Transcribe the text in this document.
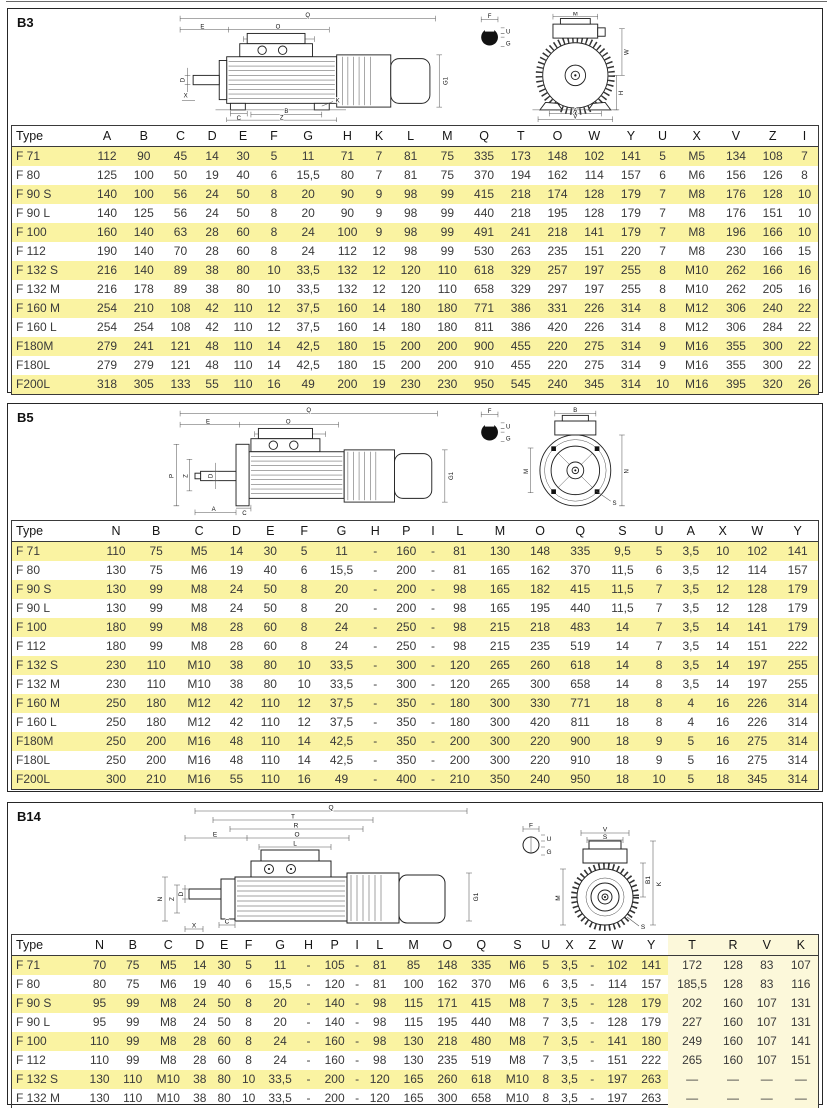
B3	Q
E	O
D	G1
X
C
B
Z
K
F
U
G
M
W
H
A
V
Type	A	B	C	D	E	F	G	H	K	L	M	Q	T	O	W	Y	U	X	V	Z	I
F 71	112	90	45	14	30	5	11	71	7	81	75	335	173	148	102	141	5	M5	134	108	7
F 80	125	100	50	19	40	6	15,5	80	7	81	75	370	194	162	114	157	6	M6	156	126	8
F 90 S	140	100	56	24	50	8	20	90	9	98	99	415	218	174	128	179	7	M8	176	128	10
F 90 L	140	125	56	24	50	8	20	90	9	98	99	440	218	195	128	179	7	M8	176	151	10
F 100	160	140	63	28	60	8	24	100	9	98	99	491	241	218	141	179	7	M8	196	166	10
F 112	190	140	70	28	60	8	24	112	12	98	99	530	263	235	151	220	7	M8	230	166	15
F 132 S	216	140	89	38	80	10	33,5	132	12	120	110	618	329	257	197	255	8	M10	262	166	16
F 132 M	216	178	89	38	80	10	33,5	132	12	120	110	658	329	297	197	255	8	M10	262	205	16
F 160 M	254	210	108	42	110	12	37,5	160	14	180	180	771	386	331	226	314	8	M12	306	240	22
F 160 L	254	254	108	42	110	12	37,5	160	14	180	180	811	386	420	226	314	8	M12	306	284	22
F180M	279	241	121	48	110	14	42,5	180	15	200	200	900	455	220	275	314	9	M16	355	300	22
F180L	279	279	121	48	110	14	42,5	180	15	200	200	910	455	220	275	314	9	M16	355	300	22
F200L	318	305	133	55	110	16	49	200	19	230	230	950	545	240	345	314	10	M16	395	320	26
B5	Q
E	O
P Z	D
A
C
G1
F
U
G
B
N
M
S
Type	N	B	C	D	E	F	G	H	P	I	L	M	O	Q	S	U	A	X	W	Y
F 71	110	75	M5	14	30	5	11	-	160	-	81	130	148	335	9,5	5	3,5	10	102	141
F 80	130	75	M6	19	40	6	15,5	-	200	-	81	165	162	370	11,5	6	3,5	12	114	157
F 90 S	130	99	M8	24	50	8	20	-	200	-	98	165	182	415	11,5	7	3,5	12	128	179
F 90 L	130	99	M8	24	50	8	20	-	200	-	98	165	195	440	11,5	7	3,5	12	128	179
F 100	180	99	M8	28	60	8	24	-	250	-	98	215	218	483	14	7	3,5	14	141	179
F 112	180	99	M8	28	60	8	24	-	250	-	98	215	235	519	14	7	3,5	14	151	222
F 132 S	230	110	M10	38	80	10	33,5	-	300	-	120	265	260	618	14	8	3,5	14	197	255
F 132 M	230	110	M10	38	80	10	33,5	-	300	-	120	265	300	658	14	8	3,5	14	197	255
F 160 M	250	180	M12	42	110	12	37,5	-	350	-	180	300	330	771	18	8	4	16	226	314
F 160 L	250	180	M12	42	110	12	37,5	-	350	-	180	300	420	811	18	8	4	16	226	314
F180M	250	200	M16	48	110	14	42,5	-	350	-	200	300	220	900	18	9	5	16	275	314
F180L	250	200	M16	48	110	14	42,5	-	350	-	200	300	220	910	18	9	5	16	275	314
F200L	300	210	M16	55	110	16	49	-	400	-	210	350	240	950	18	10	5	18	345	314
B14
Q
T
R
E	O
L
N Z
D
C
X
G1
F
U
G
V
S
K
B1
M
S
Type	N	B	C	D	E	F	G	H	P	I	L	M	O	Q	S	U	X	Z	W	Y	T	R	V	K
F 71	70	75	M5	14	30	5	11	-	105	-	81	85	148	335	M6	5	3,5	-	102	141	172	128	83	107
F 80	80	75	M6	19	40	6	15,5	-	120	-	81	100	162	370	M6	6	3,5	-	114	157	185,5	128	83	116
F 90 S	95	99	M8	24	50	8	20	-	140	-	98	115	171	415	M8	7	3,5	-	128	179	202	160	107	131
F 90 L	95	99	M8	24	50	8	20	-	140	-	98	115	195	440	M8	7	3,5	-	128	179	227	160	107	131
F 100	110	99	M8	28	60	8	24	-	160	-	98	130	218	480	M8	7	3,5	-	141	180	249	160	107	141
F 112	110	99	M8	28	60	8	24	-	160	-	98	130	235	519	M8	7	3,5	-	151	222	265	160	107	151
F 132 S	130	110	M10	38	80	10	33,5	-	200	-	120	165	260	618	M10	8	3,5	-	197	263	—	—	—	—
F 132 M	130	110	M10	38	80	10	33,5	-	200	-	120	165	300	658	M10	8	3,5	-	197	263	—	—	—	—
